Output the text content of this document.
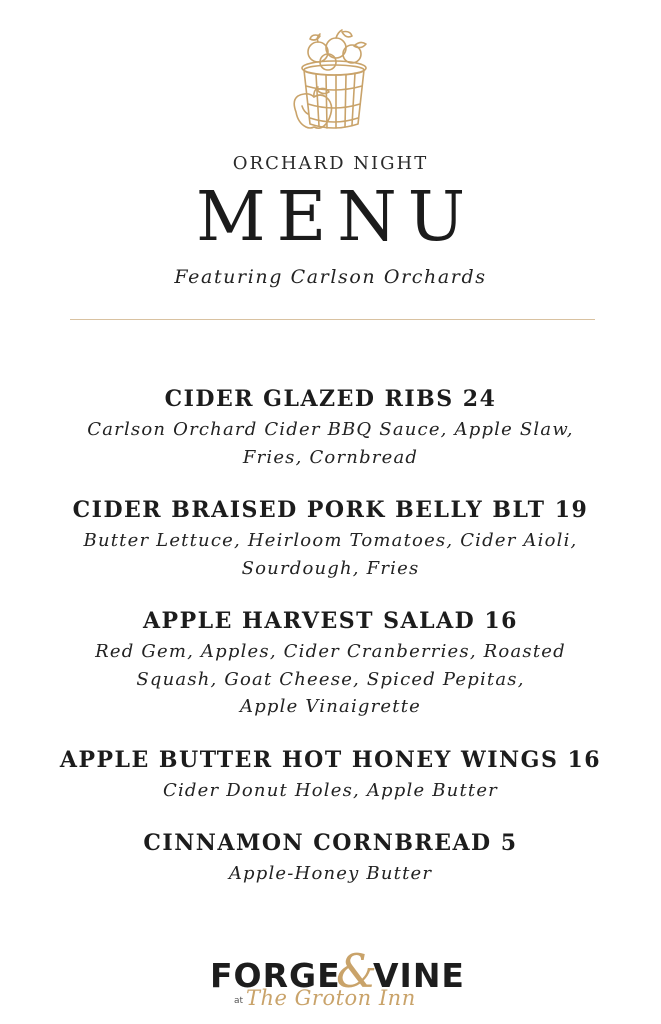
ORCHARD NIGHT
MENU
Featuring Carlson Orchards
CIDER GLAZED RIBS 24
Carlson Orchard Cider BBQ Sauce, Apple Slaw,
Fries, Cornbread
CIDER BRAISED PORK BELLY BLT 19
Butter Lettuce, Heirloom Tomatoes, Cider Aioli,
Sourdough, Fries
APPLE HARVEST SALAD 16
Red Gem, Apples, Cider Cranberries, Roasted
Squash, Goat Cheese, Spiced Pepitas,
Apple Vinaigrette
APPLE BUTTER HOT HONEY WINGS 16
Cider Donut Holes, Apple Butter
CINNAMON CORNBREAD 5
Apple-Honey Butter
FORGE
&
VINE
at The Groton Inn
